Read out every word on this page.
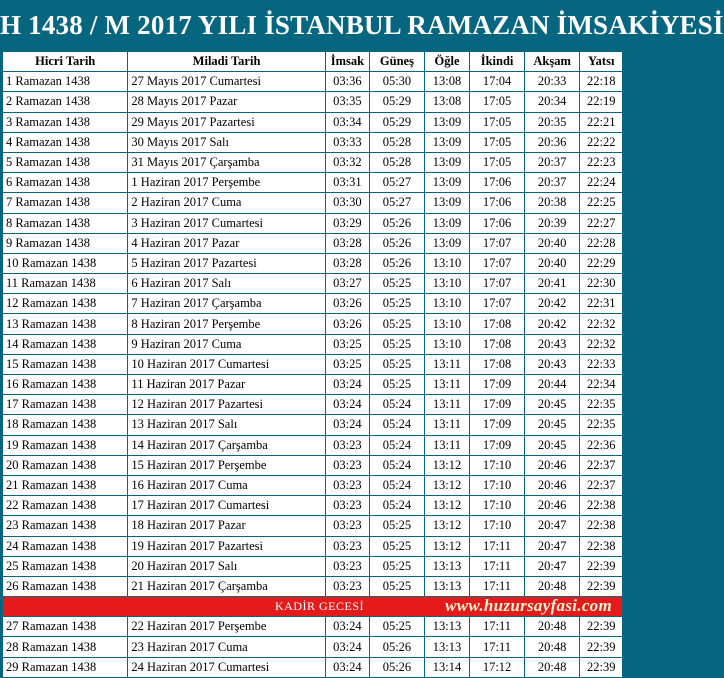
H 1438 / M 2017 YILI İSTANBUL RAMAZAN İMSAKİYESİ
Hicri Tarih	Miladi Tarih	İmsak	Güneş	Öğle	İkindi	Akşam	Yatsı
1 Ramazan 1438	27 Mayıs 2017 Cumartesi	03:36	05:30	13:08	17:04	20:33	22:18
2 Ramazan 1438	28 Mayıs 2017 Pazar	03:35	05:29	13:08	17:05	20:34	22:19
3 Ramazan 1438	29 Mayıs 2017 Pazartesi	03:34	05:29	13:09	17:05	20:35	22:21
4 Ramazan 1438	30 Mayıs 2017 Salı	03:33	05:28	13:09	17:05	20:36	22:22
5 Ramazan 1438	31 Mayıs 2017 Çarşamba	03:32	05:28	13:09	17:05	20:37	22:23
6 Ramazan 1438	1 Haziran 2017 Perşembe	03:31	05:27	13:09	17:06	20:37	22:24
7 Ramazan 1438	2 Haziran 2017 Cuma	03:30	05:27	13:09	17:06	20:38	22:25
8 Ramazan 1438	3 Haziran 2017 Cumartesi	03:29	05:26	13:09	17:06	20:39	22:27
9 Ramazan 1438	4 Haziran 2017 Pazar	03:28	05:26	13:09	17:07	20:40	22:28
10 Ramazan 1438	5 Haziran 2017 Pazartesi	03:28	05:26	13:10	17:07	20:40	22:29
11 Ramazan 1438	6 Haziran 2017 Salı	03:27	05:25	13:10	17:07	20:41	22:30
12 Ramazan 1438	7 Haziran 2017 Çarşamba	03:26	05:25	13:10	17:07	20:42	22:31
13 Ramazan 1438	8 Haziran 2017 Perşembe	03:26	05:25	13:10	17:08	20:42	22:32
14 Ramazan 1438	9 Haziran 2017 Cuma	03:25	05:25	13:10	17:08	20:43	22:32
15 Ramazan 1438	10 Haziran 2017 Cumartesi	03:25	05:25	13:11	17:08	20:43	22:33
16 Ramazan 1438	11 Haziran 2017 Pazar	03:24	05:25	13:11	17:09	20:44	22:34
17 Ramazan 1438	12 Haziran 2017 Pazartesi	03:24	05:24	13:11	17:09	20:45	22:35
18 Ramazan 1438	13 Haziran 2017 Salı	03:24	05:24	13:11	17:09	20:45	22:35
19 Ramazan 1438	14 Haziran 2017 Çarşamba	03:23	05:24	13:11	17:09	20:45	22:36
20 Ramazan 1438	15 Haziran 2017 Perşembe	03:23	05:24	13:12	17:10	20:46	22:37
21 Ramazan 1438	16 Haziran 2017 Cuma	03:23	05:24	13:12	17:10	20:46	22:37
22 Ramazan 1438	17 Haziran 2017 Cumartesi	03:23	05:24	13:12	17:10	20:46	22:38
23 Ramazan 1438	18 Haziran 2017 Pazar	03:23	05:25	13:12	17:10	20:47	22:38
24 Ramazan 1438	19 Haziran 2017 Pazartesi	03:23	05:25	13:12	17:11	20:47	22:38
25 Ramazan 1438	20 Haziran 2017 Salı	03:23	05:25	13:13	17:11	20:47	22:39
26 Ramazan 1438	21 Haziran 2017 Çarşamba	03:23	05:25	13:13	17:11	20:48	22:39

KADİR GECESİ www.huzursayfasi.com							

27 Ramazan 1438	22 Haziran 2017 Perşembe	03:24	05:25	13:13	17:11	20:48	22:39
28 Ramazan 1438	23 Haziran 2017 Cuma	03:24	05:26	13:13	17:11	20:48	22:39
29 Ramazan 1438	24 Haziran 2017 Cumartesi	03:24	05:26	13:14	17:12	20:48	22:39
